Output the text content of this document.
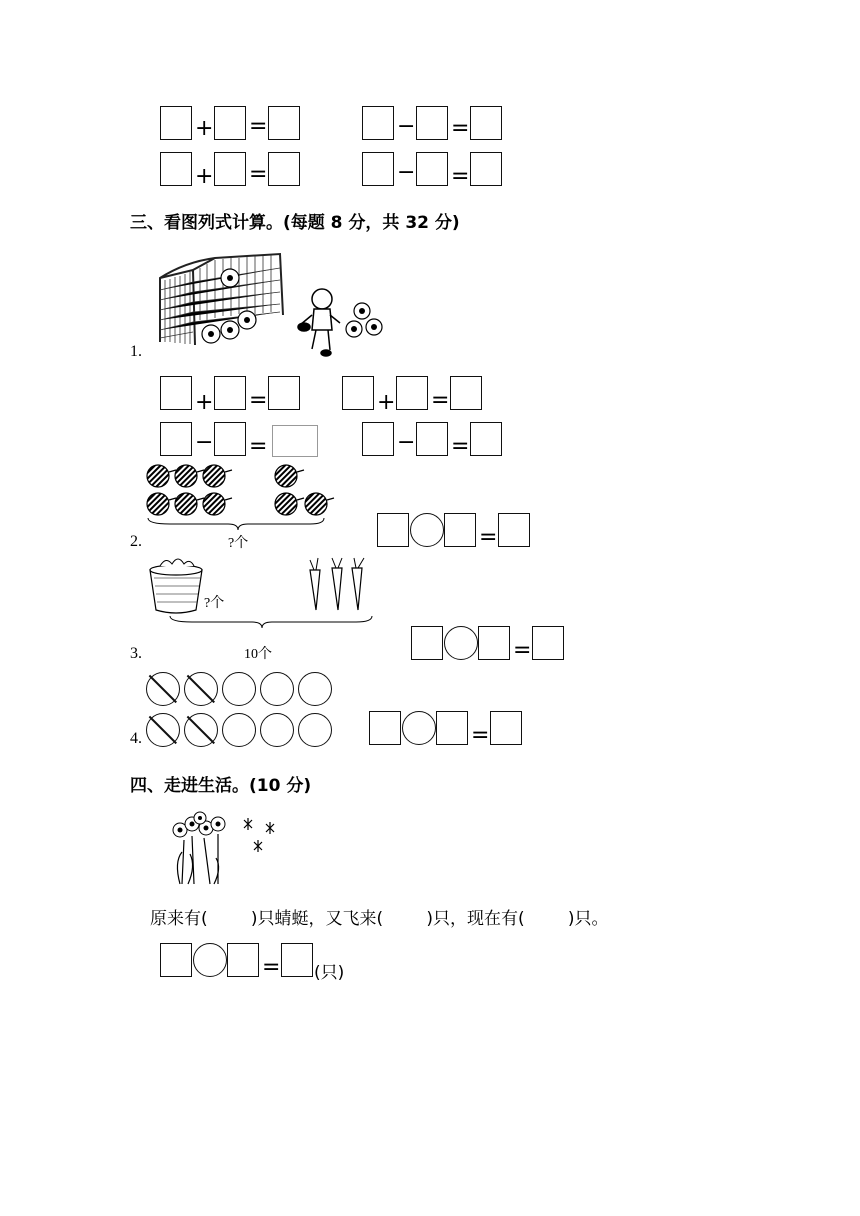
+ =	− =
+ =	− =
三、看图列式计算。(每题 8 分，共 32 分)
1.
+ =	+ =
− =	− =
?个
2.	=
?个
10个
3.	=
4.	=
四、走进生活。(10 分)
原来有(        )只蜻蜓，又飞来(        )只，现在有(        )只。
= (只)
